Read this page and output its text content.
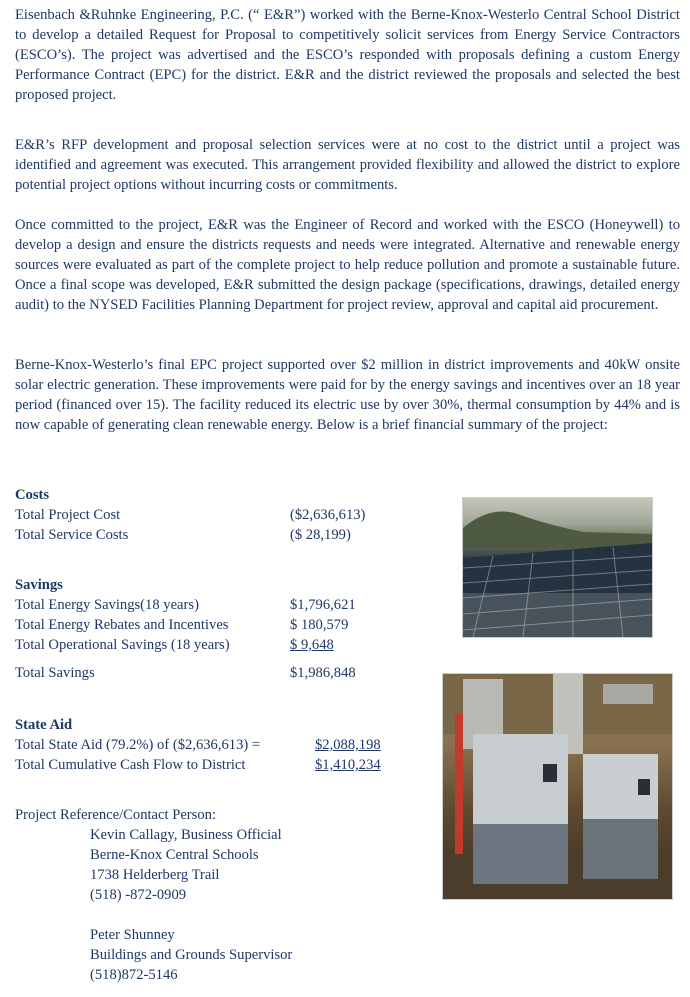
Eisenbach &Ruhnke Engineering, P.C. (“ E&R”) worked with the Berne-Knox-Westerlo Central School District to develop a detailed Request for Proposal to competitively solicit services from Energy Service Contractors (ESCO’s). The project was advertised and the ESCO’s responded with proposals defining a custom Energy Performance Contract (EPC) for the district. E&R and the district reviewed the proposals and selected the best proposed project.

E&R’s RFP development and proposal selection services were at no cost to the district until a project was identified and agreement was executed. This arrangement provided flexibility and allowed the district to explore potential project options without incurring costs or commitments.

Once committed to the project, E&R was the Engineer of Record and worked with the ESCO (Honeywell) to develop a design and ensure the districts requests and needs were integrated. Alternative and renewable energy sources were evaluated as part of the complete project to help reduce pollution and promote a sustainable future. Once a final scope was developed, E&R submitted the design package (specifications, drawings, detailed energy audit) to the NYSED Facilities Planning Department for project review, approval and capital aid procurement.

Berne-Knox-Westerlo’s final EPC project supported over $2 million in district improvements and 40kW onsite solar electric generation. These improvements were paid for by the energy savings and incentives over an 18 year period (financed over 15). The facility reduced its electric use by over 30%, thermal consumption by 44% and is now capable of generating clean renewable energy. Below is a brief financial summary of the project:

Costs
Total Project Cost	($2,636,613)
Total Service Costs	($ 28,199)
Savings
Total Energy Savings(18 years)	$1,796,621
Total Energy Rebates and Incentives	$ 180,579
Total Operational Savings (18 years)	$ 9,648
Total Savings	$1,986,848
State Aid
Total State Aid (79.2%) of ($2,636,613) =	$2,088,198
Total Cumulative Cash Flow to District	$1,410,234
Project Reference/Contact Person:
Kevin Callagy, Business Official
Berne-Knox Central Schools
1738 Helderberg Trail
(518) -872-0909
Peter Shunney
Buildings and Grounds Supervisor
(518)872-5146
